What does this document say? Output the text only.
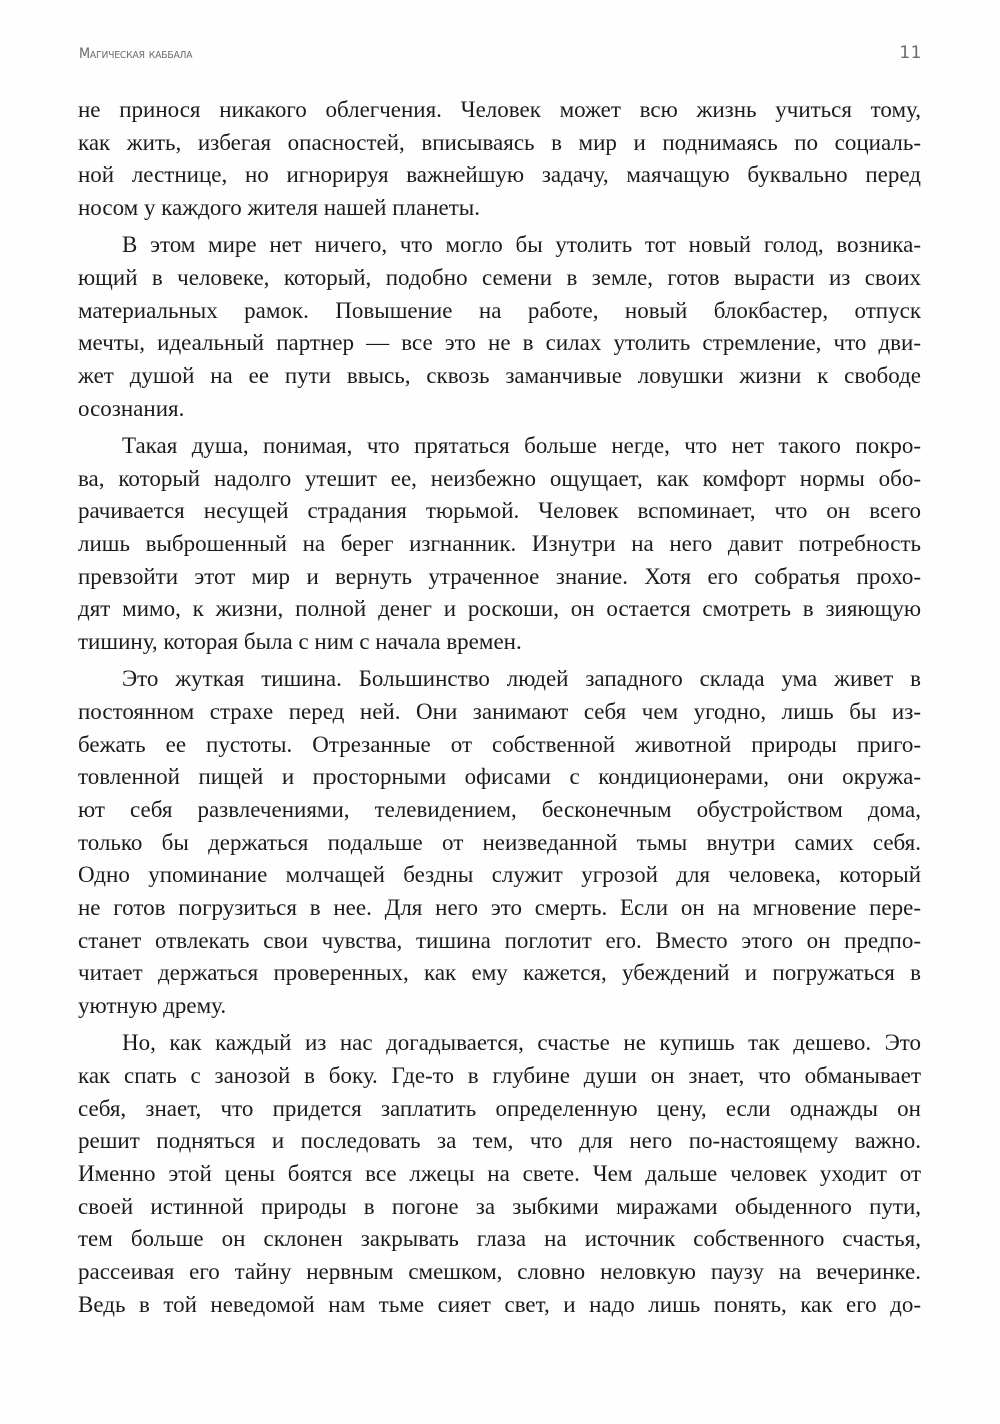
Магическая каббала	11
не принося никакого облегчения. Человек может всю жизнь учиться тому,
как жить, избегая опасностей, вписываясь в мир и поднимаясь по социаль-
ной лестнице, но игнорируя важнейшую задачу, маячащую буквально перед
носом у каждого жителя нашей планеты.
В этом мире нет ничего, что могло бы утолить тот новый голод, возника-
ющий в человеке, который, подобно семени в земле, готов вырасти из своих
материальных рамок. Повышение на работе, новый блокбастер, отпуск
мечты, идеальный партнер — все это не в силах утолить стремление, что дви-
жет душой на ее пути ввысь, сквозь заманчивые ловушки жизни к свободе
осознания.
Такая душа, понимая, что прятаться больше негде, что нет такого покро-
ва, который надолго утешит ее, неизбежно ощущает, как комфорт нормы обо-
рачивается несущей страдания тюрьмой. Человек вспоминает, что он всего
лишь выброшенный на берег изгнанник. Изнутри на него давит потребность
превзойти этот мир и вернуть утраченное знание. Хотя его собратья прохо-
дят мимо, к жизни, полной денег и роскоши, он остается смотреть в зияющую
тишину, которая была с ним с начала времен.
Это жуткая тишина. Большинство людей западного склада ума живет в
постоянном страхе перед ней. Они занимают себя чем угодно, лишь бы из-
бежать ее пустоты. Отрезанные от собственной животной природы приго-
товленной пищей и просторными офисами с кондиционерами, они окружа-
ют себя развлечениями, телевидением, бесконечным обустройством дома,
только бы держаться подальше от неизведанной тьмы внутри самих себя.
Одно упоминание молчащей бездны служит угрозой для человека, который
не готов погрузиться в нее. Для него это смерть. Если он на мгновение пере-
станет отвлекать свои чувства, тишина поглотит его. Вместо этого он предпо-
читает держаться проверенных, как ему кажется, убеждений и погружаться в
уютную дрему.
Но, как каждый из нас догадывается, счастье не купишь так дешево. Это
как спать с занозой в боку. Где-то в глубине души он знает, что обманывает
себя, знает, что придется заплатить определенную цену, если однажды он
решит подняться и последовать за тем, что для него по-настоящему важно.
Именно этой цены боятся все лжецы на свете. Чем дальше человек уходит от
своей истинной природы в погоне за зыбкими миражами обыденного пути,
тем больше он склонен закрывать глаза на источник собственного счастья,
рассеивая его тайну нервным смешком, словно неловкую паузу на вечеринке.
Ведь в той неведомой нам тьме сияет свет, и надо лишь понять, как его до-
